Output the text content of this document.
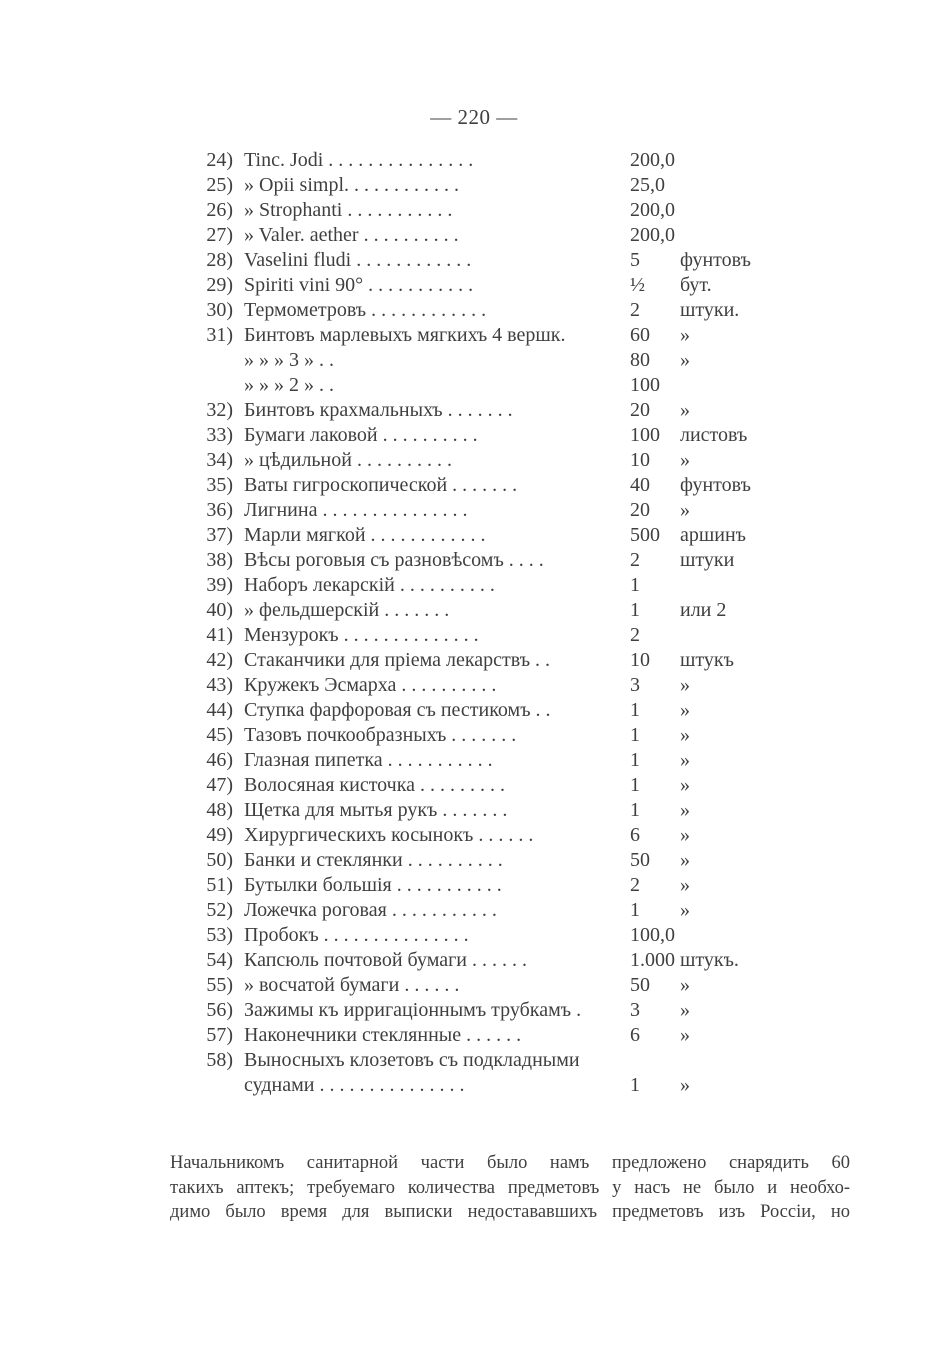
— 220 —
24) Tinc. Jodi . . . . . . . . . . . . . . .	200,0
25) » Opii simpl. . . . . . . . . . . .	25,0
26) » Strophanti . . . . . . . . . . .	200,0
27) » Valer. aether . . . . . . . . . .	200,0
28) Vaselini fludi . . . . . . . . . . . .	5 фунтовъ
29) Spiriti vini 90° . . . . . . . . . . .	½ бут.
30) Термометровъ . . . . . . . . . . . .	2 штуки.
31) Бинтовъ марлевыхъ мягкихъ 4 вершк.	60 »
» » » 3 » . .	80 »
» » » 2 » . .	100
32) Бинтовъ крахмальныхъ . . . . . . .	20 »
33) Бумаги лаковой . . . . . . . . . .	100 листовъ
34) » цѣдильной . . . . . . . . . .	10 »
35) Ваты гигроскопической . . . . . . .	40 фунтовъ
36) Лигнина . . . . . . . . . . . . . . .	20 »
37) Марли мягкой . . . . . . . . . . . .	500 аршинъ
38) Вѣсы роговыя съ разновѣсомъ . . . .	2 штуки
39) Наборъ лекарскій . . . . . . . . . .	1
40) » фельдшерскій . . . . . . .	1 или 2
41) Мензурокъ . . . . . . . . . . . . . .	2
42) Стаканчики для пріема лекарствъ . .	10 штукъ
43) Кружекъ Эсмарха . . . . . . . . . .	3 »
44) Ступка фарфоровая съ пестикомъ . .	1 »
45) Тазовъ почкообразныхъ . . . . . . .	1 »
46) Глазная пипетка . . . . . . . . . . .	1 »
47) Волосяная кисточка . . . . . . . . .	1 »
48) Щетка для мытья рукъ . . . . . . .	1 »
49) Хирургическихъ косынокъ . . . . . .	6 »
50) Банки и стеклянки . . . . . . . . . .	50 »
51) Бутылки большія . . . . . . . . . . .	2 »
52) Ложечка роговая . . . . . . . . . . .	1 »
53) Пробокъ . . . . . . . . . . . . . . .	100,0
54) Капсюль почтовой бумаги . . . . . .	1.000 штукъ.
55) » восчатой бумаги . . . . . .	50 »
56) Зажимы къ ирригаціоннымъ трубкамъ . 3 »
57) Наконечники стеклянные . . . . . .	6 »
58) Выносныхъ клозетовъ съ подкладными
суднами . . . . . . . . . . . . . . .	1 »
Начальникомъ санитарной части было намъ предложено снарядить 60
такихъ аптекъ; требуемаго количества предметовъ у насъ не было и необхо-
димо было время для выписки недостававшихъ предметовъ изъ Россіи, но
